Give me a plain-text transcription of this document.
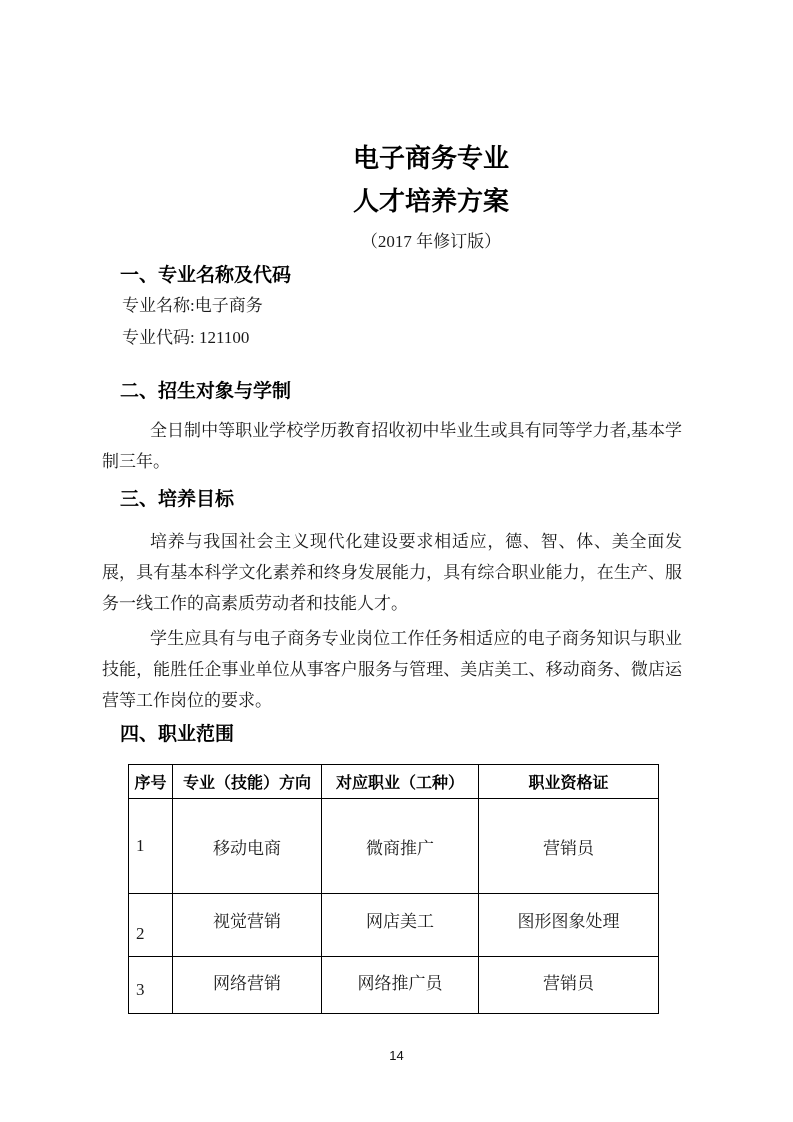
电子商务专业
人才培养方案
（2017 年修订版）
一、专业名称及代码

专业名称:电子商务

专业代码: 121100

二、招生对象与学制

全日制中等职业学校学历教育招收初中毕业生或具有同等学力者,基本学制三年。

三、培养目标

培养与我国社会主义现代化建设要求相适应，德、智、体、美全面发展，具有基本科学文化素养和终身发展能力，具有综合职业能力，在生产、服务一线工作的高素质劳动者和技能人才。

学生应具有与电子商务专业岗位工作任务相适应的电子商务知识与职业技能，能胜任企事业单位从事客户服务与管理、美店美工、移动商务、微店运营等工作岗位的要求。

四、职业范围
序号	专业（技能）方向	对应职业（工种）	职业资格证
1	移动电商	微商推广	营销员
2	视觉营销	网店美工	图形图象处理
3	网络营销	网络推广员	营销员
14
